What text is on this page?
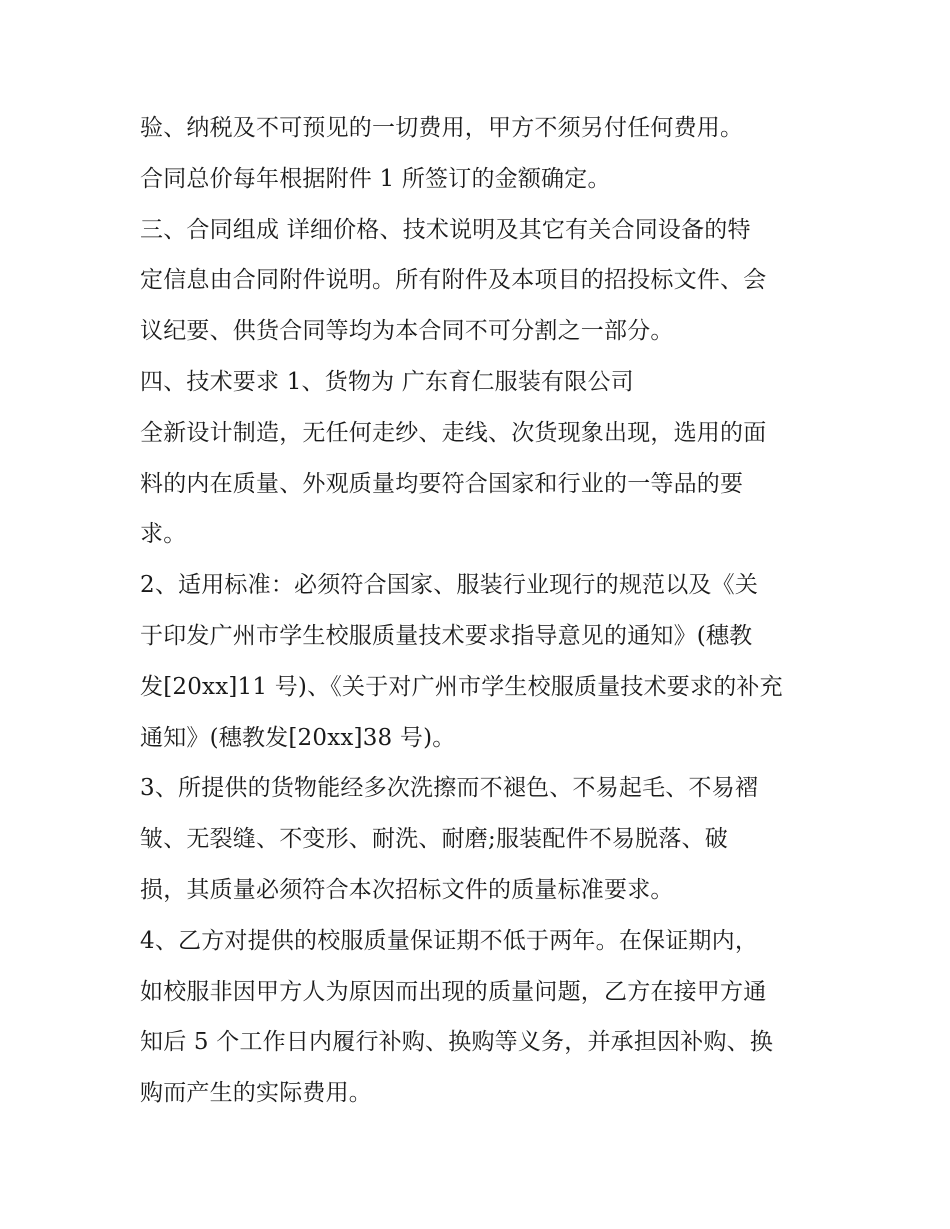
验、纳税及不可预见的一切费用，甲方不须另付任何费用。
合同总价每年根据附件 1 所签订的金额确定。
三、合同组成 详细价格、技术说明及其它有关合同设备的特
定信息由合同附件说明。所有附件及本项目的招投标文件、会
议纪要、供货合同等均为本合同不可分割之一部分。
四、技术要求 1、货物为 广东育仁服装有限公司
全新设计制造，无任何走纱、走线、次货现象出现，选用的面
料的内在质量、外观质量均要符合国家和行业的一等品的要
求。
2、适用标准：必须符合国家、服装行业现行的规范以及《关
于印发广州市学生校服质量技术要求指导意见的通知》(穗教
发[20xx]11 号)、《关于对广州市学生校服质量技术要求的补充
通知》(穗教发[20xx]38 号)。
3、所提供的货物能经多次洗擦而不褪色、不易起毛、不易褶
皱、无裂缝、不变形、耐洗、耐磨;服装配件不易脱落、破
损，其质量必须符合本次招标文件的质量标准要求。
4、乙方对提供的校服质量保证期不低于两年。在保证期内，
如校服非因甲方人为原因而出现的质量问题，乙方在接甲方通
知后 5 个工作日内履行补购、换购等义务，并承担因补购、换
购而产生的实际费用。
